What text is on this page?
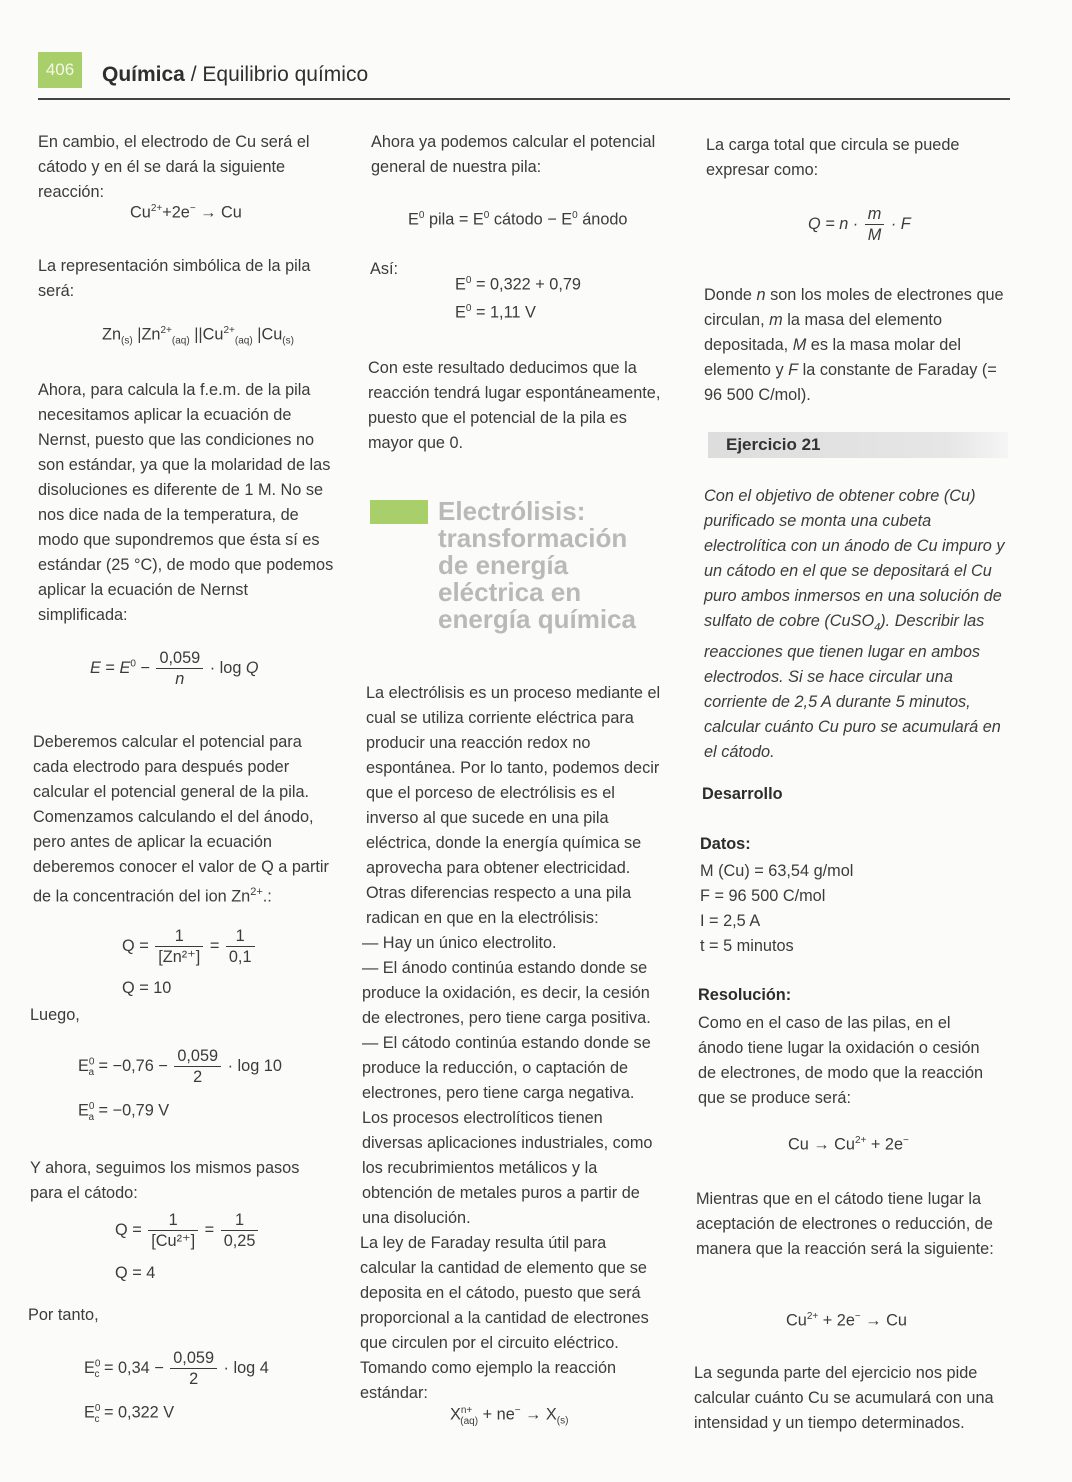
406 Química / Equilibrio químico

En cambio, el electrodo de Cu será el cátodo y en él se dará la siguiente reacción:

$Cu^{2+}+2e^- \to Cu$

La representación simbólica de la pila será:

$Zn_{(s)}$ $|Zn^{2+}_{(aq)}$ $||Cu^{2+}_{(aq)}$ $|Cu_{(s)}$

Ahora, para calcula la f.e.m. de la pila necesitamos aplicar la ecuación de Nernst, puesto que las condiciones no son estándar, ya que la molaridad de las disoluciones es diferente de 1 M. No se nos dice nada de la temperatura, de modo que supondremos que ésta sí es estándar (25 °C), de modo que podemos aplicar la ecuación de Nernst simplificada:

$E = E^0 - \frac{0,059}{n} \cdot \log Q$

Deberemos calcular el potencial para cada electrodo para después poder calcular el potencial general de la pila. Comenzamos calculando el del ánodo, pero antes de aplicar la ecuación deberemos conocer el valor de Q a partir de la concentración del ion $Zn^{2+}$.:

$Q = \frac{1}{\text{[Zn²⁺]}} = \frac{1}{0,1}$
Q = 10
Luego,
$E^0_a = -0,76 - \frac{0,059}{2} \cdot \log 10$
$E^0_a = -0,79$ V

Y ahora, seguimos los mismos pasos para el cátodo:

$Q = \frac{1}{\text{[Cu²⁺]}} = \frac{1}{0,25}$
Q = 4
Por tanto,
$E^0_c = 0,34 - \frac{0,059}{2} \cdot \log 4$
$E^0_c = 0,322$ V

Ahora ya podemos calcular el potencial general de nuestra pila:

$E^0$ pila = $E^0$ cátodo − $E^0$ ánodo
Así:
$E^0 = 0,322 + 0,79$
$E^0 = 1,11$ V

Con este resultado deducimos que la reacción tendrá lugar espontáneamente, puesto que el potencial de la pila es mayor que 0.

Electrólisis:
transformación
de energía
eléctrica en
energía química

La electrólisis es un proceso mediante el cual se utiliza corriente eléctrica para producir una reacción redox no espontánea. Por lo tanto, podemos decir que el porceso de electrólisis es el inverso al que sucede en una pila eléctrica, donde la energía química se aprovecha para obtener electricidad.

Otras diferencias respecto a una pila radican en que en la electrólisis:

— Hay un único electrolito.

— El ánodo continúa estando donde se produce la oxidación, es decir, la cesión de electrones, pero tiene carga positiva.

— El cátodo continúa estando donde se produce la reducción, o captación de electrones, pero tiene carga negativa.

Los procesos electrolíticos tienen diversas aplicaciones industriales, como los recubrimientos metálicos y la obtención de metales puros a partir de una disolución.

La ley de Faraday resulta útil para calcular la cantidad de elemento que se deposita en el cátodo, puesto que será proporcional a la cantidad de electrones que circulen por el circuito eléctrico. Tomando como ejemplo la reacción estándar:

$X^{n+}_{(aq)} + ne^- \to X_{(s)}$

La carga total que circula se puede expresar como:

$Q = n \cdot \frac{m}{M} \cdot F$

Donde n son los moles de electrones que circulan, m la masa del elemento depositada, M es la masa molar del elemento y F la constante de Faraday (= 96 500 C/mol).

Ejercicio 21

Con el objetivo de obtener cobre (Cu) purificado se monta una cubeta electrolítica con un ánodo de Cu impuro y un cátodo en el que se depositará el Cu puro ambos inmersos en una solución de sulfato de cobre (CuSO$_4$). Describir las reacciones que tienen lugar en ambos electrodos. Si se hace circular una corriente de 2,5 A durante 5 minutos, calcular cuánto Cu puro se acumulará en el cátodo.

Desarrollo
Datos:

M (Cu) = 63,54 g/mol

F = 96 500 C/mol

I = 2,5 A

t = 5 minutos

Resolución:

Como en el caso de las pilas, en el ánodo tiene lugar la oxidación o cesión de electrones, de modo que la reacción que se produce será:

$Cu \to Cu^{2+} + 2e^-$

Mientras que en el cátodo tiene lugar la aceptación de electrones o reducción, de manera que la reacción será la siguiente:

$Cu^{2+} + 2e^- \to Cu$

La segunda parte del ejercicio nos pide calcular cuánto Cu se acumulará con una intensidad y un tiempo determinados.
